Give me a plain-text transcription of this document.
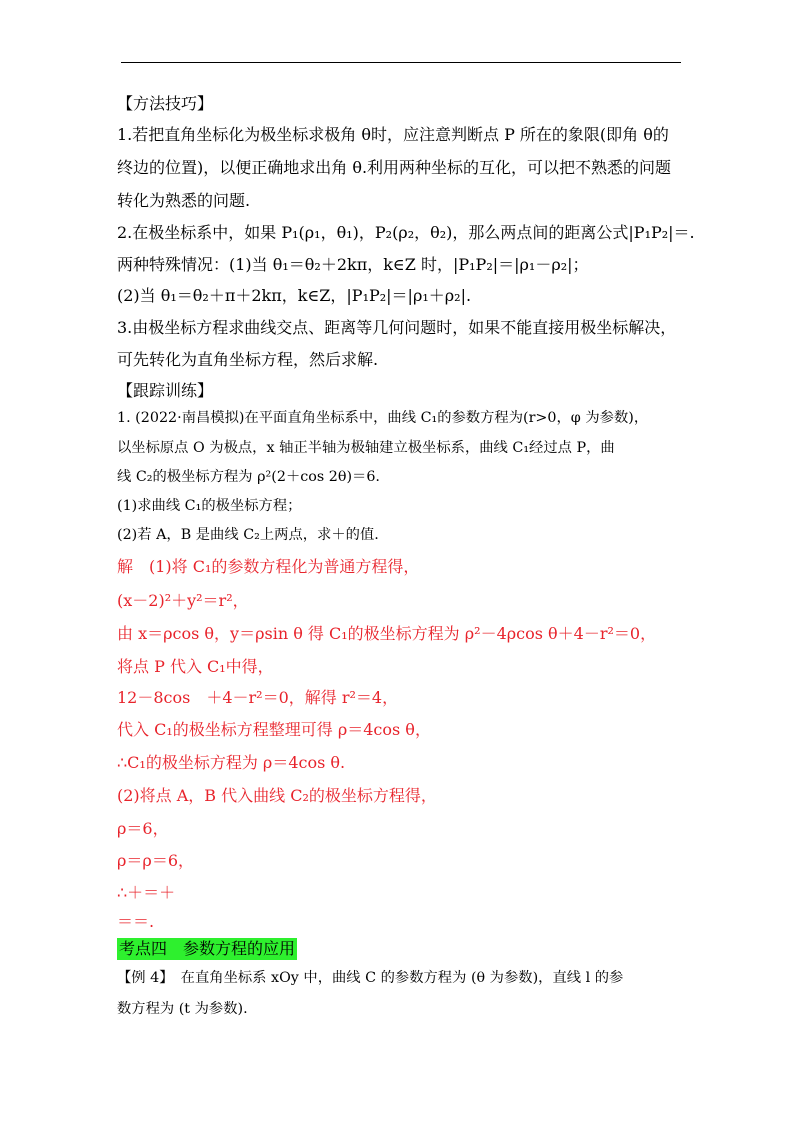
【方法技巧】
1.若把直角坐标化为极坐标求极角 θ时，应注意判断点 P 所在的象限(即角 θ的
终边的位置)，以便正确地求出角 θ.利用两种坐标的互化，可以把不熟悉的问题
转化为熟悉的问题.
2.在极坐标系中，如果 P₁(ρ₁，θ₁)，P₂(ρ₂，θ₂)，那么两点间的距离公式|P₁P₂|＝.
两种特殊情况：(1)当 θ₁＝θ₂＋2kπ，k∈Z 时，|P₁P₂|＝|ρ₁－ρ₂|；
(2)当 θ₁＝θ₂＋π＋2kπ，k∈Z，|P₁P₂|＝|ρ₁＋ρ₂|.
3.由极坐标方程求曲线交点、距离等几何问题时，如果不能直接用极坐标解决，
可先转化为直角坐标方程，然后求解.
【跟踪训练】
1. (2022·南昌模拟)在平面直角坐标系中，曲线 C₁的参数方程为(r>0，φ 为参数)，
以坐标原点 O 为极点，x 轴正半轴为极轴建立极坐标系，曲线 C₁经过点 P，曲
线 C₂的极坐标方程为 ρ²(2＋cos 2θ)＝6.
(1)求曲线 C₁的极坐标方程；
(2)若 A，B 是曲线 C₂上两点，求＋的值.
解　(1)将 C₁的参数方程化为普通方程得，
(x－2)²＋y²＝r²，
由 x＝ρcos θ，y＝ρsin θ 得 C₁的极坐标方程为 ρ²－4ρcos θ＋4－r²＝0，
将点 P 代入 C₁中得，
12－8cos　＋4－r²＝0，解得 r²＝4，
代入 C₁的极坐标方程整理可得 ρ＝4cos θ，
∴C₁的极坐标方程为 ρ＝4cos θ.
(2)将点 A，B 代入曲线 C₂的极坐标方程得，
ρ＝6，
ρ＝ρ＝6，
∴＋＝＋
＝＝.
考点四　参数方程的应用
【例 4】　在直角坐标系 xOy 中，曲线 C 的参数方程为 (θ 为参数)，直线 l 的参
数方程为 (t 为参数).
